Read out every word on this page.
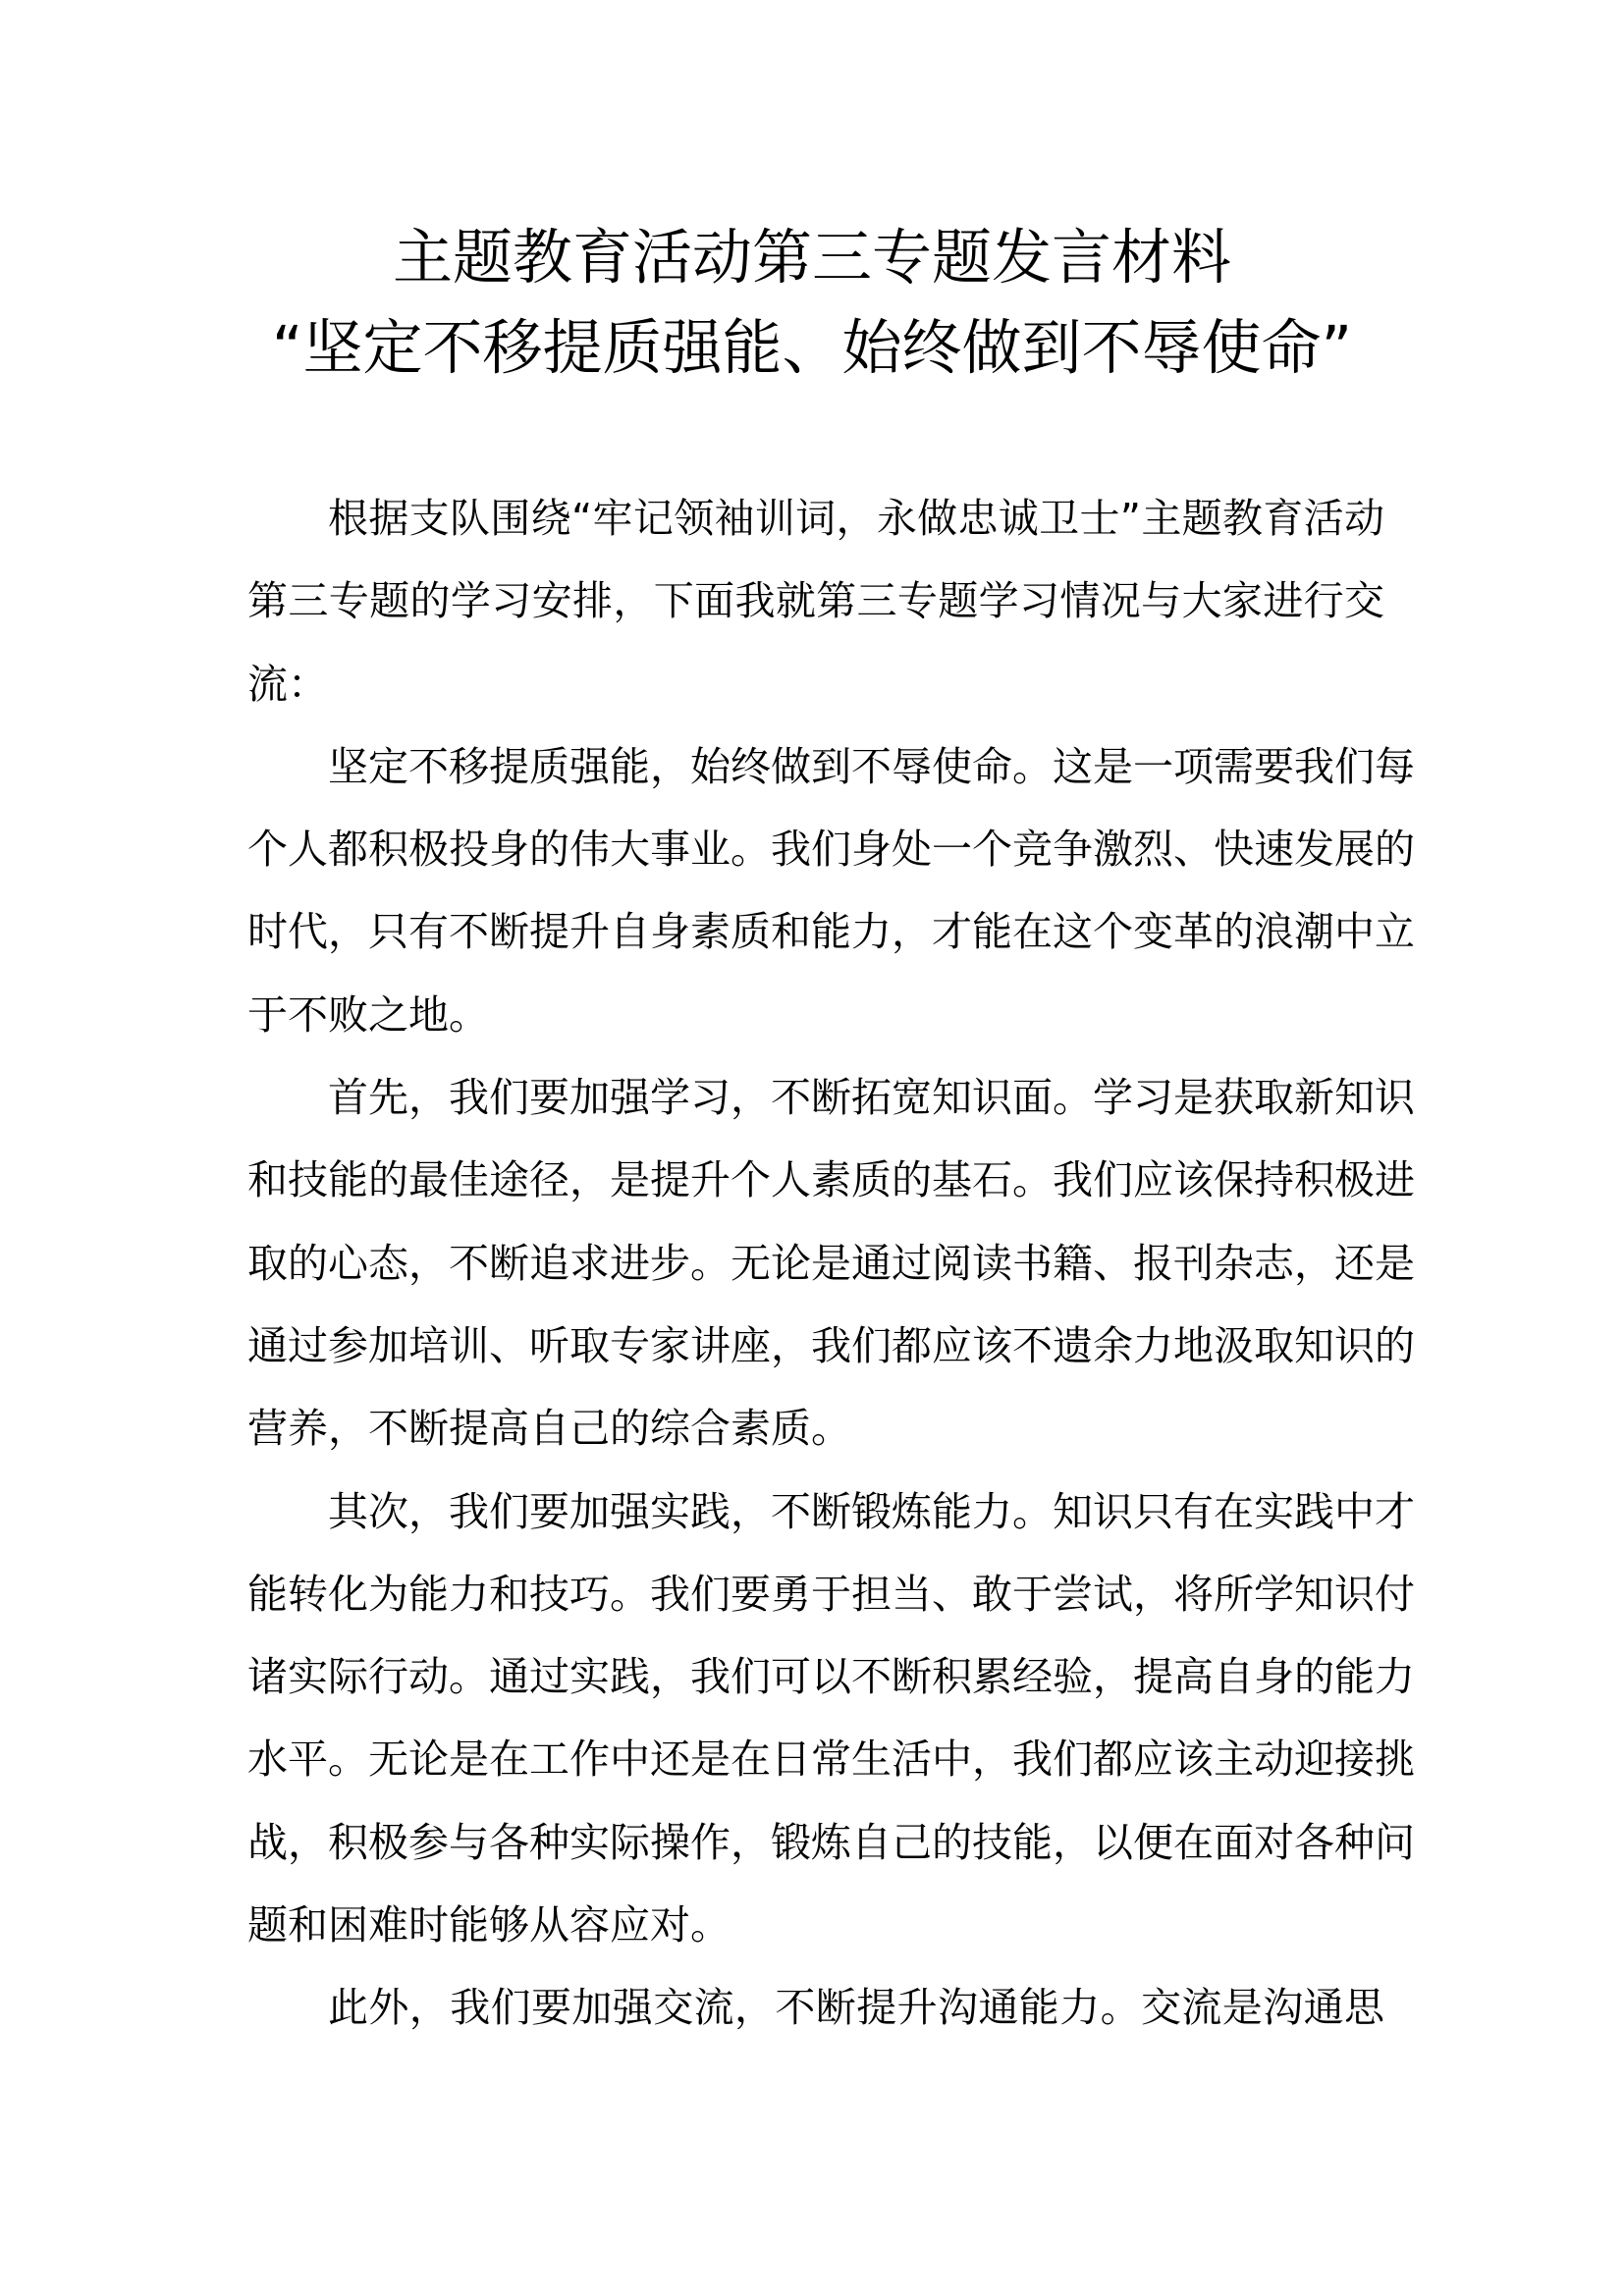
主题教育活动第三专题发言材料
“坚定不移提质强能、始终做到不辱使命”
根据支队围绕“牢记领袖训词，永做忠诚卫士”主题教育活动
第三专题的学习安排，下面我就第三专题学习情况与大家进行交
流：
坚定不移提质强能，始终做到不辱使命。这是一项需要我们每
个人都积极投身的伟大事业。我们身处一个竞争激烈、快速发展的
时代，只有不断提升自身素质和能力，才能在这个变革的浪潮中立
于不败之地。
首先，我们要加强学习，不断拓宽知识面。学习是获取新知识
和技能的最佳途径，是提升个人素质的基石。我们应该保持积极进
取的心态，不断追求进步。无论是通过阅读书籍、报刊杂志，还是
通过参加培训、听取专家讲座，我们都应该不遗余力地汲取知识的
营养，不断提高自己的综合素质。
其次，我们要加强实践，不断锻炼能力。知识只有在实践中才
能转化为能力和技巧。我们要勇于担当、敢于尝试，将所学知识付
诸实际行动。通过实践，我们可以不断积累经验，提高自身的能力
水平。无论是在工作中还是在日常生活中，我们都应该主动迎接挑
战，积极参与各种实际操作，锻炼自己的技能，以便在面对各种问
题和困难时能够从容应对。
此外，我们要加强交流，不断提升沟通能力。交流是沟通思
